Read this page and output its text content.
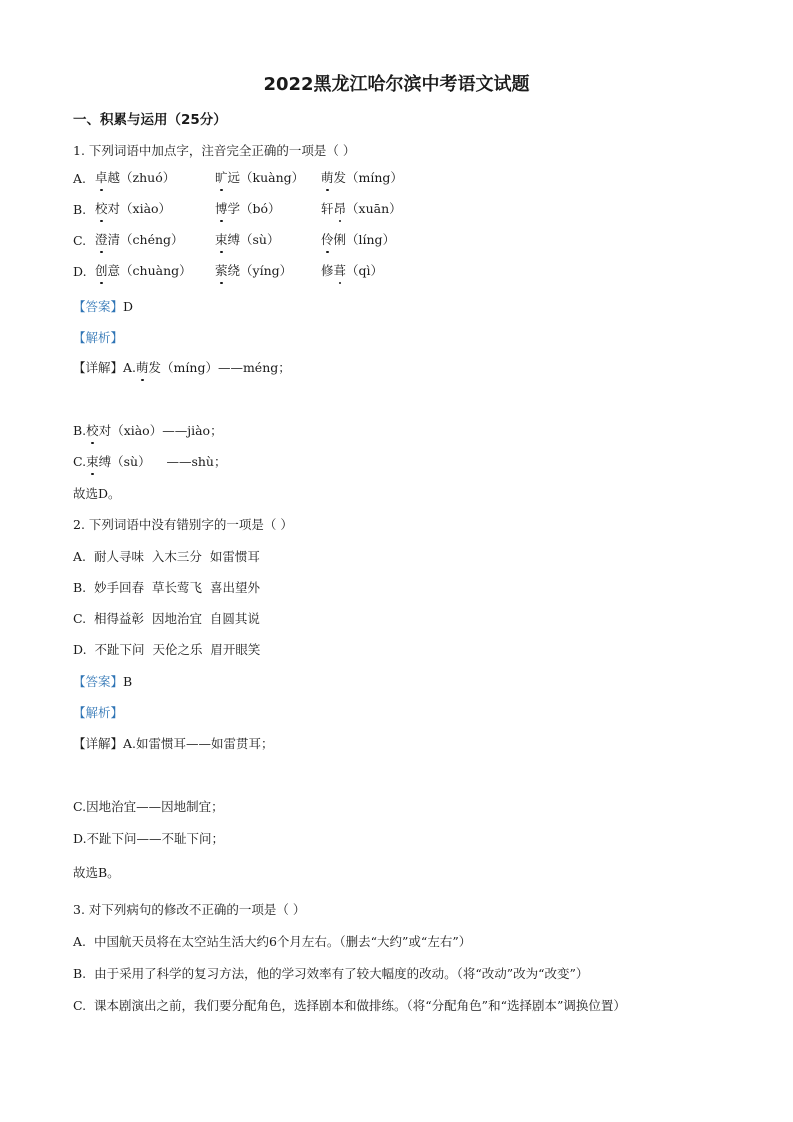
2022黑龙江哈尔滨中考语文试题
一、积累与运用（25分）
1. 下列词语中加点字，注音完全正确的一项是（ ）
A. 卓越（zhuó）	旷远（kuàng） 萌发（míng）
B. 校对（xiào）	博学（bó）	轩昂（xuān）
C. 澄清（chéng）	束缚（sù）	伶俐（líng）
D. 创意（chuàng） 萦绕（yíng） 修葺（qì）
【答案】D
【解析】
【详解】A.萌发（míng）——méng；
B.校对（xiào）——jiào；
C.束缚（sù）    ——shù；
故选D。
2. 下列词语中没有错别字的一项是（ ）
A.  耐人寻味  入木三分  如雷惯耳
B.  妙手回春  草长莺飞  喜出望外
C.  相得益彰  因地治宜  自圆其说
D.  不趾下问  天伦之乐  眉开眼笑
【答案】B
【解析】
【详解】A.如雷惯耳——如雷贯耳；
C.因地治宜——因地制宜；
D.不趾下问——不耻下问；
故选B。
3. 对下列病句的修改不正确的一项是（ ）
A.  中国航天员将在太空站生活大约6个月左右。（删去“大约”或“左右”）
B.  由于采用了科学的复习方法，他的学习效率有了较大幅度的改动。（将“改动”改为“改变”）
C.  课本剧演出之前，我们要分配角色，选择剧本和做排练。（将“分配角色”和“选择剧本”调换位置）
